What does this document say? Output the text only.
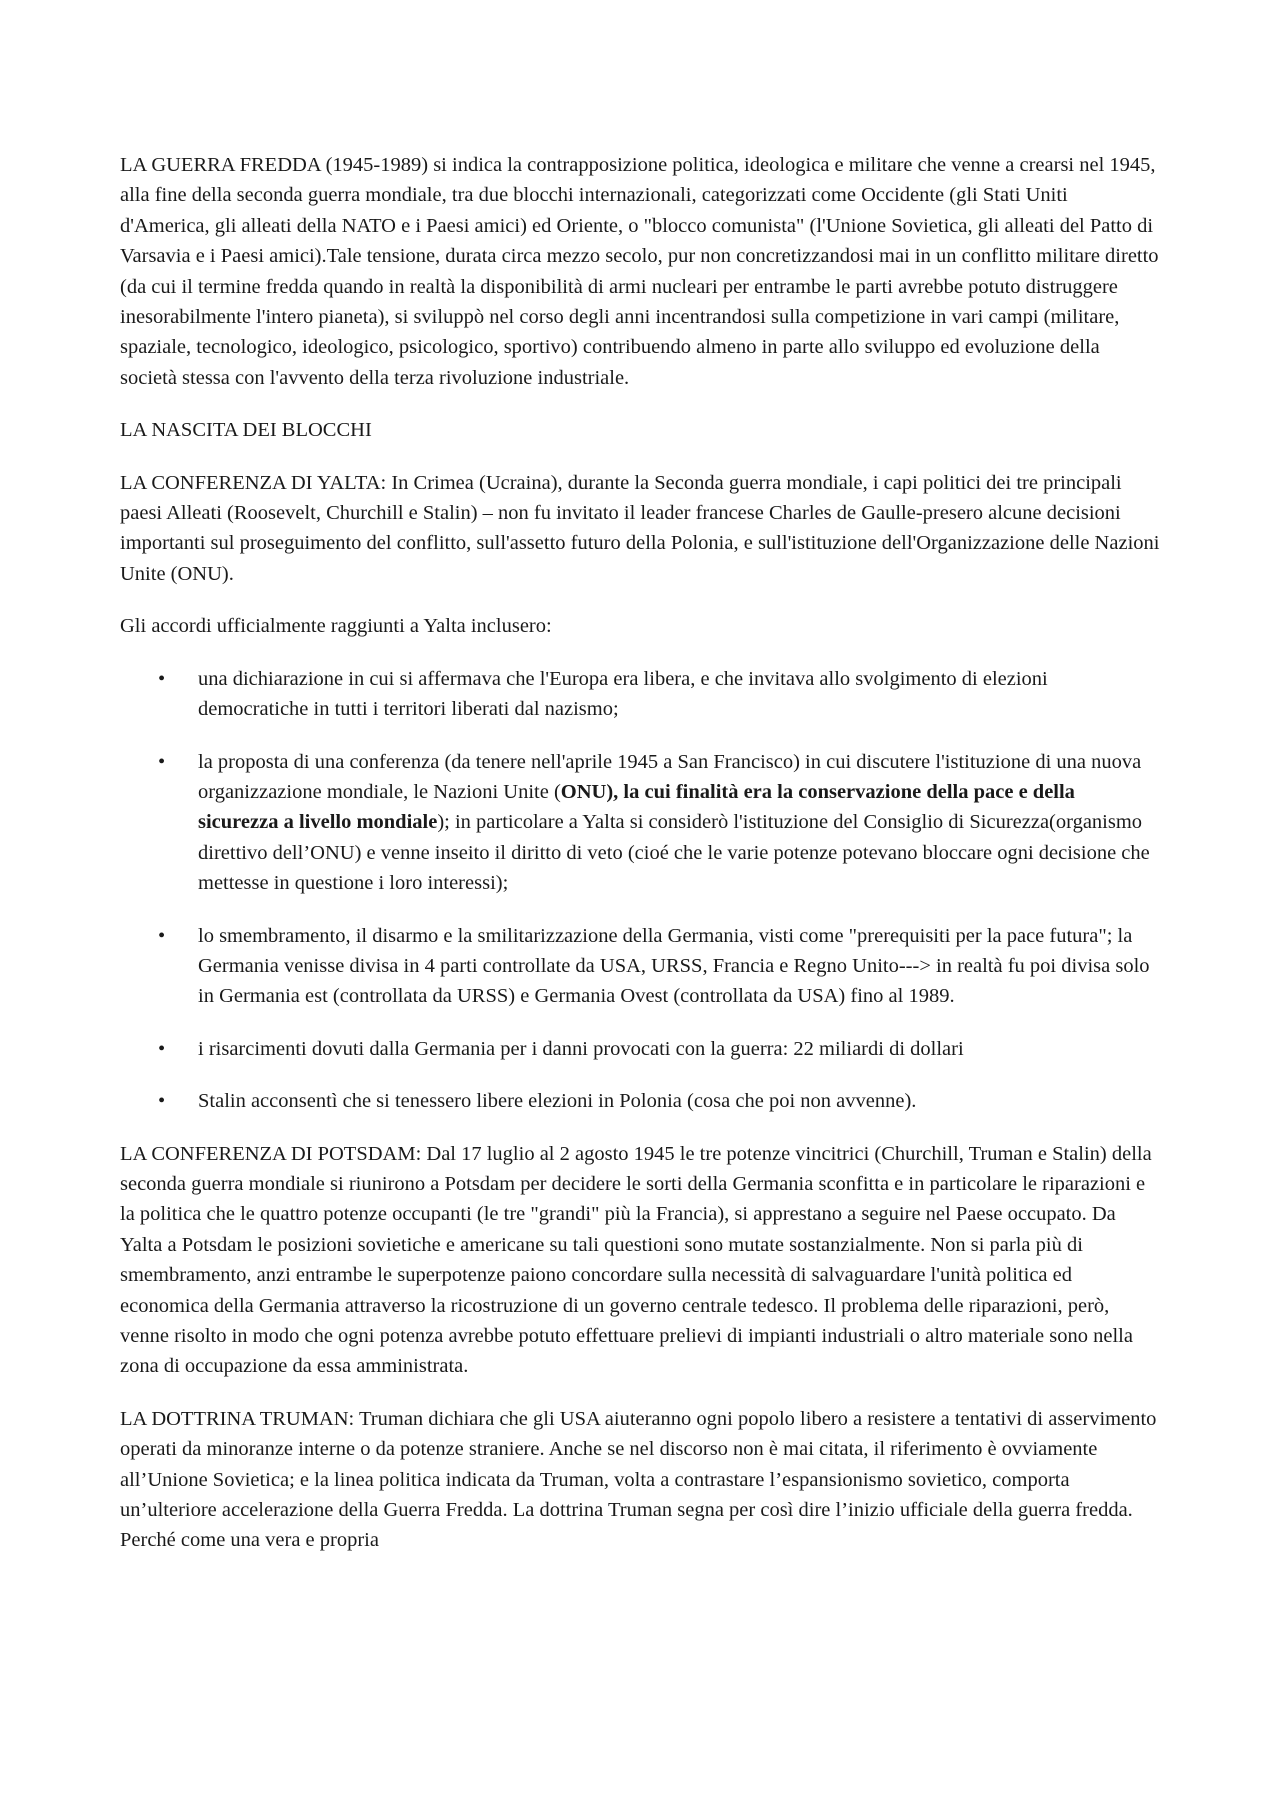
LA GUERRA FREDDA (1945-1989) si indica la contrapposizione politica, ideologica e militare che venne a crearsi nel 1945, alla fine della seconda guerra mondiale, tra due blocchi internazionali, categorizzati come Occidente (gli Stati Uniti d'America, gli alleati della NATO e i Paesi amici) ed Oriente, o "blocco comunista" (l'Unione Sovietica, gli alleati del Patto di Varsavia e i Paesi amici).Tale tensione, durata circa mezzo secolo, pur non concretizzandosi mai in un conflitto militare diretto (da cui il termine fredda quando in realtà la disponibilità di armi nucleari per entrambe le parti avrebbe potuto distruggere inesorabilmente l'intero pianeta), si sviluppò nel corso degli anni incentrandosi sulla competizione in vari campi (militare, spaziale, tecnologico, ideologico, psicologico, sportivo) contribuendo almeno in parte allo sviluppo ed evoluzione della società stessa con l'avvento della terza rivoluzione industriale.

LA NASCITA DEI BLOCCHI

LA CONFERENZA DI YALTA: In Crimea (Ucraina), durante la Seconda guerra mondiale, i capi politici dei tre principali paesi Alleati (Roosevelt, Churchill e Stalin) – non fu invitato il leader francese Charles de Gaulle-presero alcune decisioni importanti sul proseguimento del conflitto, sull'assetto futuro della Polonia, e sull'istituzione dell'Organizzazione delle Nazioni Unite (ONU).

Gli accordi ufficialmente raggiunti a Yalta inclusero:

•	una dichiarazione in cui si affermava che l'Europa era libera, e che invitava allo svolgimento di elezioni democratiche in tutti i territori liberati dal nazismo;
•	la proposta di una conferenza (da tenere nell'aprile 1945 a San Francisco) in cui discutere l'istituzione di una nuova organizzazione mondiale, le Nazioni Unite (ONU), la cui finalità era la conservazione della pace e della sicurezza a livello mondiale); in particolare a Yalta si considerò l'istituzione del Consiglio di Sicurezza(organismo direttivo dell’ONU) e venne inseito il diritto di veto (cioé che le varie potenze potevano bloccare ogni decisione che mettesse in questione i loro interessi);
•	lo smembramento, il disarmo e la smilitarizzazione della Germania, visti come "prerequisiti per la pace futura"; la Germania venisse divisa in 4 parti controllate da USA, URSS, Francia e Regno Unito---> in realtà fu poi divisa solo in Germania est (controllata da URSS) e Germania Ovest (controllata da USA) fino al 1989.
•	i risarcimenti dovuti dalla Germania per i danni provocati con la guerra: 22 miliardi di dollari
•	Stalin acconsentì che si tenessero libere elezioni in Polonia (cosa che poi non avvenne).

LA CONFERENZA DI POTSDAM: Dal 17 luglio al 2 agosto 1945 le tre potenze vincitrici (Churchill, Truman e Stalin) della seconda guerra mondiale si riunirono a Potsdam per decidere le sorti della Germania sconfitta e in particolare le riparazioni e la politica che le quattro potenze occupanti (le tre "grandi" più la Francia), si apprestano a seguire nel Paese occupato. Da Yalta a Potsdam le posizioni sovietiche e americane su tali questioni sono mutate sostanzialmente. Non si parla più di smembramento, anzi entrambe le superpotenze paiono concordare sulla necessità di salvaguardare l'unità politica ed economica della Germania attraverso la ricostruzione di un governo centrale tedesco. Il problema delle riparazioni, però, venne risolto in modo che ogni potenza avrebbe potuto effettuare prelievi di impianti industriali o altro materiale sono nella zona di occupazione da essa amministrata.

LA DOTTRINA TRUMAN: Truman dichiara che gli USA aiuteranno ogni popolo libero a resistere a tentativi di asservimento operati da minoranze interne o da potenze straniere. Anche se nel discorso non è mai citata, il riferimento è ovviamente all’Unione Sovietica; e la linea politica indicata da Truman, volta a contrastare l’espansionismo sovietico, comporta un’ulteriore accelerazione della Guerra Fredda. La dottrina Truman segna per così dire l’inizio ufficiale della guerra fredda. Perché come una vera e propria
